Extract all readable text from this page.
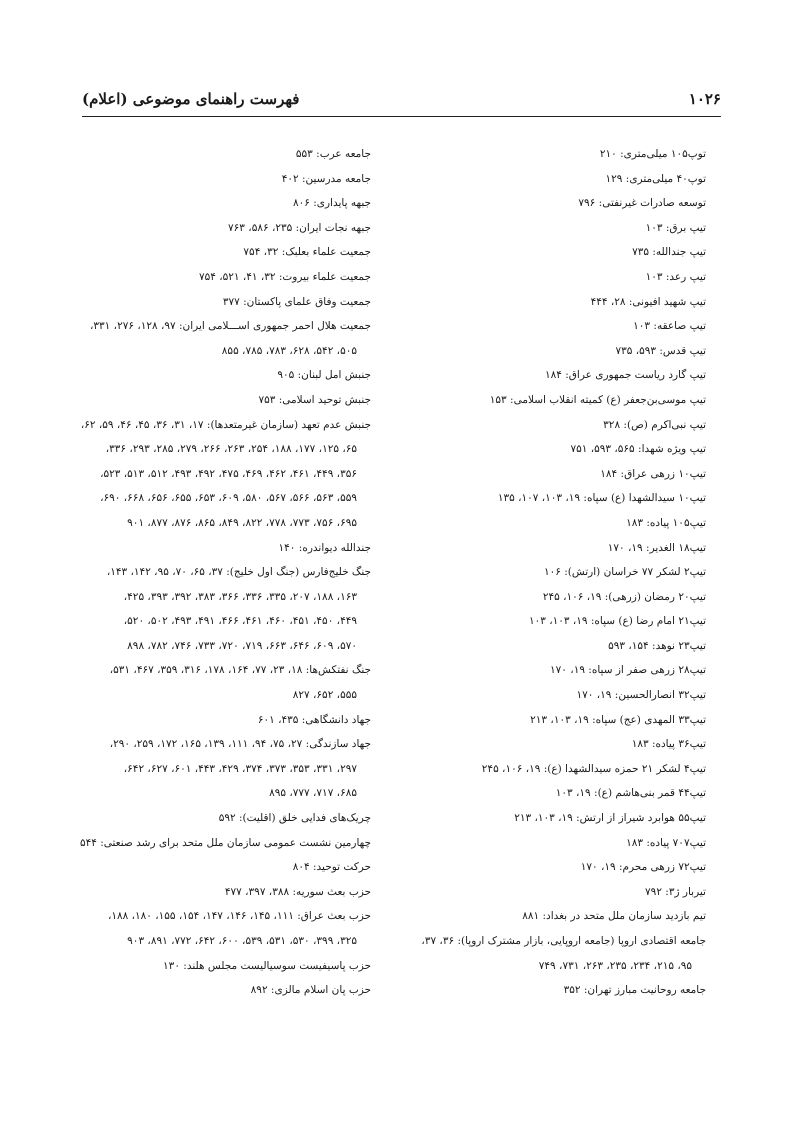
۱۰۲۶
فهرست راهنمای موضوعی (اعلام)
توپ۱۰۵ میلی‌متری: ۲۱۰
توپ۴۰ میلی‌متری: ۱۲۹
توسعه صادرات غیرنفتی: ۷۹۶
تیپ برق: ۱۰۳
تیپ جندالله: ۷۳۵
تیپ رعد: ۱۰۳
تیپ شهید افیونی: ۲۸، ۴۴۴
تیپ صاعقه: ۱۰۳
تیپ قدس: ۵۹۳، ۷۳۵
تیپ گارد ریاست جمهوری عراق: ۱۸۴
تیپ موسی‌بن‌جعفر (ع) کمیته انقلاب اسلامی: ۱۵۳
تیپ نبی‌اکرم (ص): ۳۲۸
تیپ ویژه شهدا: ۵۶۵، ۵۹۳، ۷۵۱
تیپ۱۰ زرهی عراق: ۱۸۴
تیپ۱۰ سیدالشهدا (ع) سپاه: ۱۹، ۱۰۳، ۱۰۷، ۱۳۵
تیپ۱۰۵ پیاده: ۱۸۳
تیپ۱۸ الغدیر: ۱۹، ۱۷۰
تیپ۲ لشکر ۷۷ خراسان (ارتش): ۱۰۶
تیپ۲۰ رمضان (زرهی): ۱۹، ۱۰۶، ۲۴۵
تیپ۲۱ امام رضا (ع) سپاه: ۱۹، ۱۰۳، ۱۰۳
تیپ۲۳ نوهد: ۱۵۴، ۵۹۳
تیپ۲۸ زرهی صفر از سپاه: ۱۹، ۱۷۰
تیپ۳۲ انصارالحسین: ۱۹، ۱۷۰
تیپ۳۳ المهدی (عج) سپاه: ۱۹، ۱۰۳، ۲۱۳
تیپ۳۶ پیاده: ۱۸۳
تیپ۴ لشکر ۲۱ حمزه سیدالشهدا (ع): ۱۹، ۱۰۶، ۲۴۵
تیپ۴۴ قمر بنی‌هاشم (ع): ۱۹، ۱۰۳
تیپ۵۵ هوابرد شیراز از ارتش: ۱۹، ۱۰۳، ۲۱۳
تیپ۷۰۷ پیاده: ۱۸۳
تیپ۷۲ زرهی محرم: ۱۹، ۱۷۰
تیربار ژ۳: ۷۹۲
تیم بازدید سازمان ملل متحد در بغداد: ۸۸۱
جامعه اقتصادی اروپا (جامعه اروپایی، بازار مشترک اروپا): ۳۶، ۳۷،
۹۵، ۲۱۵، ۲۳۴، ۲۳۵، ۲۶۳، ۷۳۱، ۷۴۹
جامعه روحانیت مبارز تهران: ۳۵۲
جامعه عرب: ۵۵۳
جامعه مدرسین: ۴۰۲
جبهه پایداری: ۸۰۶
جبهه نجات ایران: ۲۳۵، ۵۸۶، ۷۶۳
جمعیت علماء بعلبک: ۳۲، ۷۵۴
جمعیت علماء بیروت: ۳۲، ۴۱، ۵۲۱، ۷۵۴
جمعیت وفاق علمای پاکستان: ۳۷۷
جمعیت هلال احمر جمهوری اســـلامی ایران: ۹۷، ۱۲۸، ۲۷۶، ۳۳۱،
۵۰۵، ۵۴۲، ۶۲۸، ۷۸۳، ۷۸۵، ۸۵۵
جنبش امل لبنان: ۹۰۵
جنبش توحید اسلامی: ۷۵۳
جنبش عدم تعهد (سازمان غیرمتعدها): ۱۷، ۳۱، ۳۶، ۴۵، ۴۶، ۵۹، ۶۲،
۶۵، ۱۲۵، ۱۷۷، ۱۸۸، ۲۵۴، ۲۶۳، ۲۶۶، ۲۷۹، ۲۸۵، ۲۹۳، ۳۳۶،
۳۵۶، ۴۴۹، ۴۶۱، ۴۶۲، ۴۶۹، ۴۷۵، ۴۹۲، ۴۹۳، ۵۱۲، ۵۱۳، ۵۲۳،
۵۵۹، ۵۶۳، ۵۶۶، ۵۶۷، ۵۸۰، ۶۰۹، ۶۵۳، ۶۵۵، ۶۵۶، ۶۶۸، ۶۹۰،
۶۹۵، ۷۵۶، ۷۷۳، ۷۷۸، ۸۲۲، ۸۴۹، ۸۶۵، ۸۷۶، ۸۷۷، ۹۰۱
جندالله دیواندره: ۱۴۰
جنگ خلیج‌فارس (جنگ اول خلیج): ۳۷، ۶۵، ۷۰، ۹۵، ۱۴۲، ۱۴۳،
۱۶۳، ۱۸۸، ۲۰۷، ۳۳۵، ۳۳۶، ۳۶۶، ۳۸۳، ۳۹۲، ۳۹۳، ۴۲۵،
۴۴۹، ۴۵۰، ۴۵۱، ۴۶۰، ۴۶۱، ۴۶۶، ۴۹۱، ۴۹۳، ۵۰۲، ۵۲۰،
۵۷۰، ۶۰۹، ۶۴۶، ۶۶۳، ۷۱۹، ۷۲۰، ۷۳۳، ۷۴۶، ۷۸۲، ۸۹۸
جنگ نفتکش‌ها: ۱۸، ۲۳، ۷۷، ۱۶۴، ۱۷۸، ۳۱۶، ۳۵۹، ۴۶۷، ۵۳۱،
۵۵۵، ۶۵۲، ۸۲۷
جهاد دانشگاهی: ۴۳۵، ۶۰۱
جهاد سازندگی: ۲۷، ۷۵، ۹۴، ۱۱۱، ۱۳۹، ۱۶۵، ۱۷۲، ۲۵۹، ۲۹۰،
۲۹۷، ۳۳۱، ۳۵۳، ۳۷۳، ۳۷۴، ۴۲۹، ۴۴۳، ۶۰۱، ۶۲۷، ۶۴۲،
۶۸۵، ۷۱۷، ۷۷۷، ۸۹۵
چریک‌های فدایی خلق (اقلیت): ۵۹۲
چهارمین نشست عمومی سازمان ملل متحد برای رشد صنعتی: ۵۴۴
حرکت توحید: ۸۰۴
حزب بعث سوریه: ۳۸۸، ۳۹۷، ۴۷۷
حزب بعث عراق: ۱۱۱، ۱۴۵، ۱۴۶، ۱۴۷، ۱۵۴، ۱۵۵، ۱۸۰، ۱۸۸،
۳۲۵، ۳۹۹، ۵۳۰، ۵۳۱، ۵۳۹، ۶۰۰، ۶۴۲، ۷۷۲، ۸۹۱، ۹۰۳
حزب پاسیفیست سوسیالیست مجلس هلند: ۱۳۰
حزب پان اسلام مالزی: ۸۹۲
